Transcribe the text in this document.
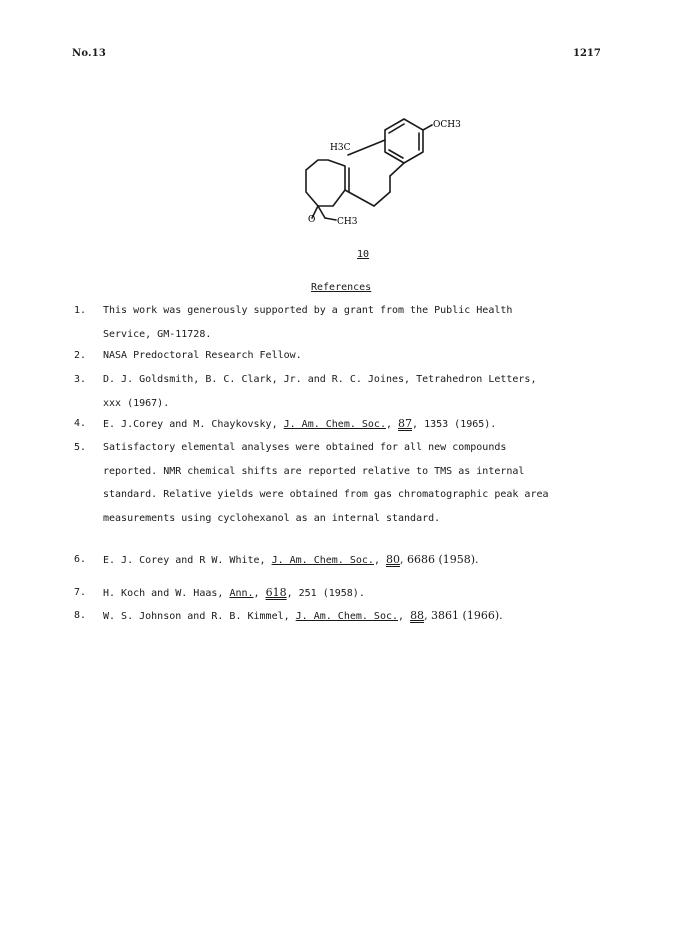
No.13	1217
OCH3
H3C
O CH3
10
References
1. This work was generously supported by a grant from the Public Health
Service, GM-11728.
2. NASA Predoctoral Research Fellow.
3. D. J. Goldsmith, B. C. Clark, Jr. and R. C. Joines, Tetrahedron Letters,
xxx (1967).
4. E. J.Corey and M. Chaykovsky, J. Am. Chem. Soc., 87, 1353 (1965).
5. Satisfactory elemental analyses were obtained for all new compounds
reported. NMR chemical shifts are reported relative to TMS as internal
standard. Relative yields were obtained from gas chromatographic peak area
measurements using cyclohexanol as an internal standard.
6. E. J. Corey and R W. White, J. Am. Chem. Soc., 80, 6686 (1958).
7. H. Koch and W. Haas, Ann., 618, 251 (1958).
8. W. S. Johnson and R. B. Kimmel, J. Am. Chem. Soc., 88, 3861 (1966).
